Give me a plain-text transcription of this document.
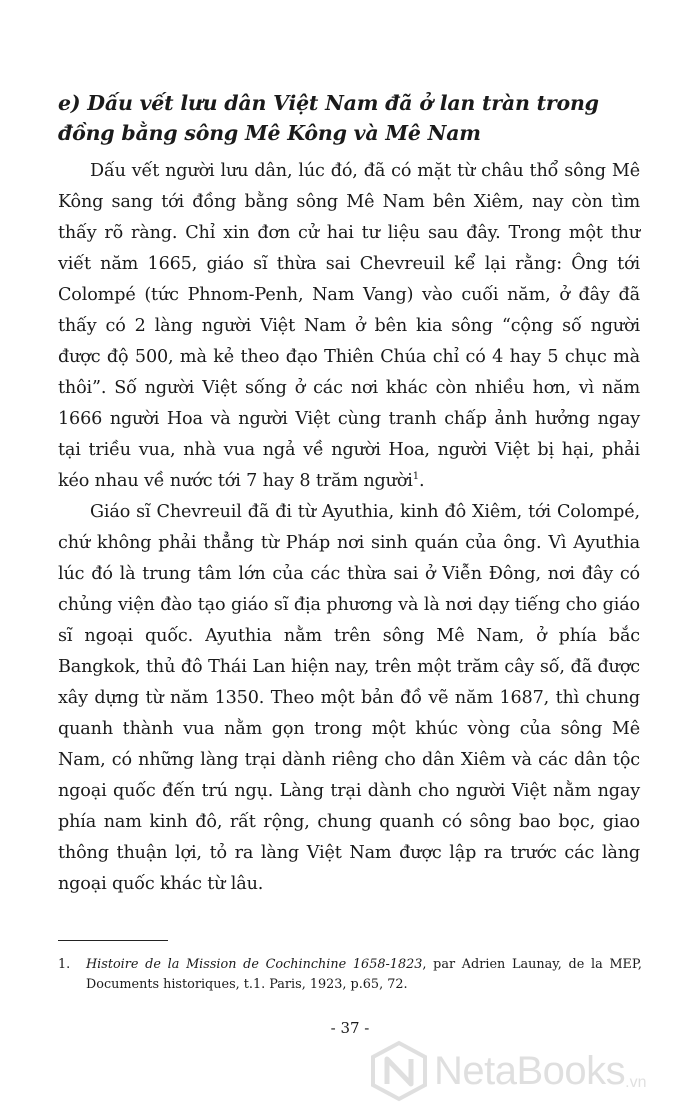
e) Dấu vết lưu dân Việt Nam đã ở lan tràn trong đồng bằng sông Mê Kông và Mê Nam

Dấu vết người lưu dân, lúc đó, đã có mặt từ châu thổ sông Mê Kông sang tới đồng bằng sông Mê Nam bên Xiêm, nay còn tìm thấy rõ ràng. Chỉ xin đơn cử hai tư liệu sau đây. Trong một thư viết năm 1665, giáo sĩ thừa sai Chevreuil kể lại rằng: Ông tới Colompé (tức Phnom-Penh, Nam Vang) vào cuối năm, ở đây đã thấy có 2 làng người Việt Nam ở bên kia sông “cộng số người được độ 500, mà kẻ theo đạo Thiên Chúa chỉ có 4 hay 5 chục mà thôi”. Số người Việt sống ở các nơi khác còn nhiều hơn, vì năm 1666 người Hoa và người Việt cùng tranh chấp ảnh hưởng ngay tại triều vua, nhà vua ngả về người Hoa, người Việt bị hại, phải kéo nhau về nước tới 7 hay 8 trăm người$^1$.

Giáo sĩ Chevreuil đã đi từ Ayuthia, kinh đô Xiêm, tới Colompé, chứ không phải thẳng từ Pháp nơi sinh quán của ông. Vì Ayuthia lúc đó là trung tâm lớn của các thừa sai ở Viễn Đông, nơi đây có chủng viện đào tạo giáo sĩ địa phương và là nơi dạy tiếng cho giáo sĩ ngoại quốc. Ayuthia nằm trên sông Mê Nam, ở phía bắc Bangkok, thủ đô Thái Lan hiện nay, trên một trăm cây số, đã được xây dựng từ năm 1350. Theo một bản đồ vẽ năm 1687, thì chung quanh thành vua nằm gọn trong một khúc vòng của sông Mê Nam, có những làng trại dành riêng cho dân Xiêm và các dân tộc ngoại quốc đến trú ngụ. Làng trại dành cho người Việt nằm ngay phía nam kinh đô, rất rộng, chung quanh có sông bao bọc, giao thông thuận lợi, tỏ ra làng Việt Nam được lập ra trước các làng ngoại quốc khác từ lâu.

1.	Histoire de la Mission de Cochinchine 1658-1823, par Adrien Launay, de la MEP, Documents historiques, t.1. Paris, 1923, p.65, 72.
- 37 -
NetaBooks .vn
